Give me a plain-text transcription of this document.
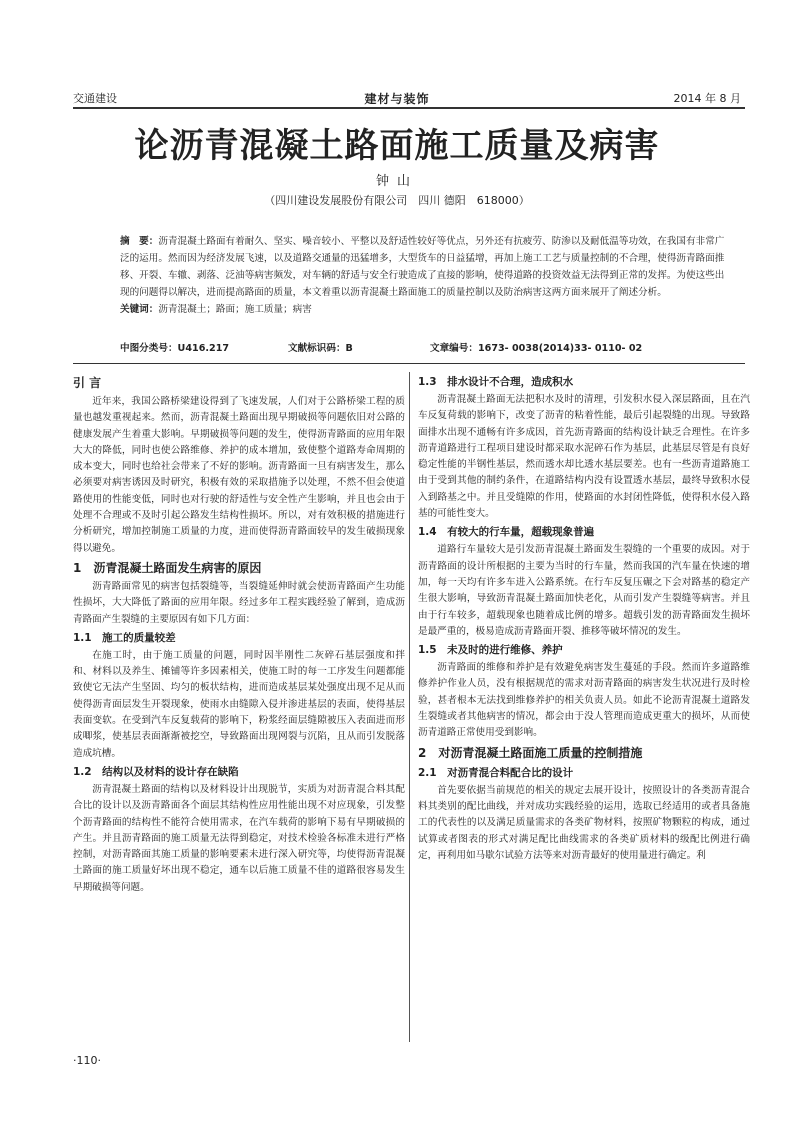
交通建设	建材与装饰	2014 年 8 月
论沥青混凝土路面施工质量及病害
钟山
（四川建设发展股份有限公司　四川 德阳　618000）
摘　要：沥青混凝土路面有着耐久、坚实、噪音较小、平整以及舒适性较好等优点，另外还有抗疲劳、防渗以及耐低温等功效，在我国有非常广泛的运用。然而因为经济发展飞速，以及道路交通量的迅猛增多，大型货车的日益猛增，再加上施工工艺与质量控制的不合理，使得沥青路面推移、开裂、车辙、剥落、泛油等病害频发，对车辆的舒适与安全行驶造成了直接的影响，使得道路的投资效益无法得到正常的发挥。为使这些出现的问题得以解决，进而提高路面的质量，本文着重以沥青混凝土路面施工的质量控制以及防治病害这两方面来展开了阐述分析。
关键词：沥青混凝土；路面；施工质量；病害
中图分类号：U416.217	文献标识码：B	文章编号：1673- 0038(2014)33- 0110- 02
引 言

近年来，我国公路桥梁建设得到了飞速发展，人们对于公路桥梁工程的质量也越发重视起来。然而，沥青混凝土路面出现早期破损等问题依旧对公路的健康发展产生着重大影响。早期破损等问题的发生，使得沥青路面的应用年限大大的降低，同时也使公路维修、养护的成本增加，致使整个道路寿命周期的成本变大，同时也给社会带来了不好的影响。沥青路面一旦有病害发生，那么必须要对病害诱因及时研究，积极有效的采取措施予以处理，不然不但会使道路使用的性能变低，同时也对行驶的舒适性与安全性产生影响，并且也会由于处理不合理或不及时引起公路发生结构性损坏。所以，对有效积极的措施进行分析研究，增加控制施工质量的力度，进而使得沥青路面较早的发生破损现象得以避免。

1　沥青混凝土路面发生病害的原因

沥青路面常见的病害包括裂缝等，当裂缝延伸时就会使沥青路面产生功能性损坏，大大降低了路面的应用年限。经过多年工程实践经验了解到，造成沥青路面产生裂缝的主要原因有如下几方面：

1.1　施工的质量较差

在施工时，由于施工质量的问题，同时因半刚性二灰碎石基层强度和拌和、材料以及养生、摊铺等许多因素相关，使施工时的每一工序发生问题都能致使它无法产生坚固、均匀的板状结构，进而造成基层某处强度出现不足从而使得沥青面层发生开裂现象，使雨水由缝隙入侵并渗进基层的表面，使得基层表面变软。在受到汽车反复载荷的影响下，粉浆经面层缝隙被压入表面进而形成唧浆，使基层表面渐渐被挖空，导致路面出现网裂与沉陷，且从而引发脱落造成坑槽。

1.2　结构以及材料的设计存在缺陷

沥青混凝土路面的结构以及材料设计出现脱节，实质为对沥青混合料其配合比的设计以及沥青路面各个面层其结构性应用性能出现不对应现象，引发整个沥青路面的结构性不能符合使用需求，在汽车载荷的影响下易有早期破损的产生。并且沥青路面的施工质量无法得到稳定，对技术检验各标准未进行严格控制，对沥青路面其施工质量的影响要素未进行深入研究等，均使得沥青混凝土路面的施工质量好坏出现不稳定，通车以后施工质量不佳的道路很容易发生早期破损等问题。

1.3　排水设计不合理，造成积水

沥青混凝土路面无法把积水及时的清理，引发积水侵入深层路面，且在汽车反复荷载的影响下，改变了沥青的粘着性能，最后引起裂缝的出现。导致路面排水出现不通畅有许多成因，首先沥青路面的结构设计缺乏合理性。在许多沥青道路进行工程项目建设时都采取水泥碎石作为基层，此基层尽管是有良好稳定性能的半钢性基层，然而透水却比透水基层要差。也有一些沥青道路施工由于受到其他的制约条件，在道路结构内没有设置透水基层，最终导致积水侵入到路基之中。并且受缝隙的作用，使路面的水封闭性降低，使得积水侵入路基的可能性变大。

1.4　有较大的行车量，超载现象普遍

道路行车量较大是引发沥青混凝土路面发生裂缝的一个重要的成因。对于沥青路面的设计所根据的主要为当时的行车量，然而我国的汽车量在快速的增加，每一天均有许多车进入公路系统。在行车反复压碾之下会对路基的稳定产生很大影响，导致沥青混凝土路面加快老化，从而引发产生裂缝等病害。并且由于行车较多，超载现象也随着成比例的增多。超载引发的沥青路面发生损坏是最严重的，极易造成沥青路面开裂、推移等破坏情况的发生。

1.5　未及时的进行维修、养护

沥青路面的维修和养护是有效避免病害发生蔓延的手段。然而许多道路维修养护作业人员，没有根据规范的需求对沥青路面的病害发生状况进行及时检验，甚者根本无法找到维修养护的相关负责人员。如此不论沥青混凝土道路发生裂缝或者其他病害的情况，都会由于没人管理而造成更重大的损坏，从而使沥青道路正常使用受到影响。

2　对沥青混凝土路面施工质量的控制措施
2.1　对沥青混合料配合比的设计

首先要依据当前规范的相关的规定去展开设计，按照设计的各类沥青混合料其类别的配比曲线，并对成功实践经验的运用，选取已经适用的或者具备施工的代表性的以及满足质量需求的各类矿物材料，按照矿物颗粒的构成，通过试算或者图表的形式对满足配比曲线需求的各类矿质材料的级配比例进行确定，再利用如马歇尔试验方法等来对沥青最好的使用量进行确定。利

·110·
